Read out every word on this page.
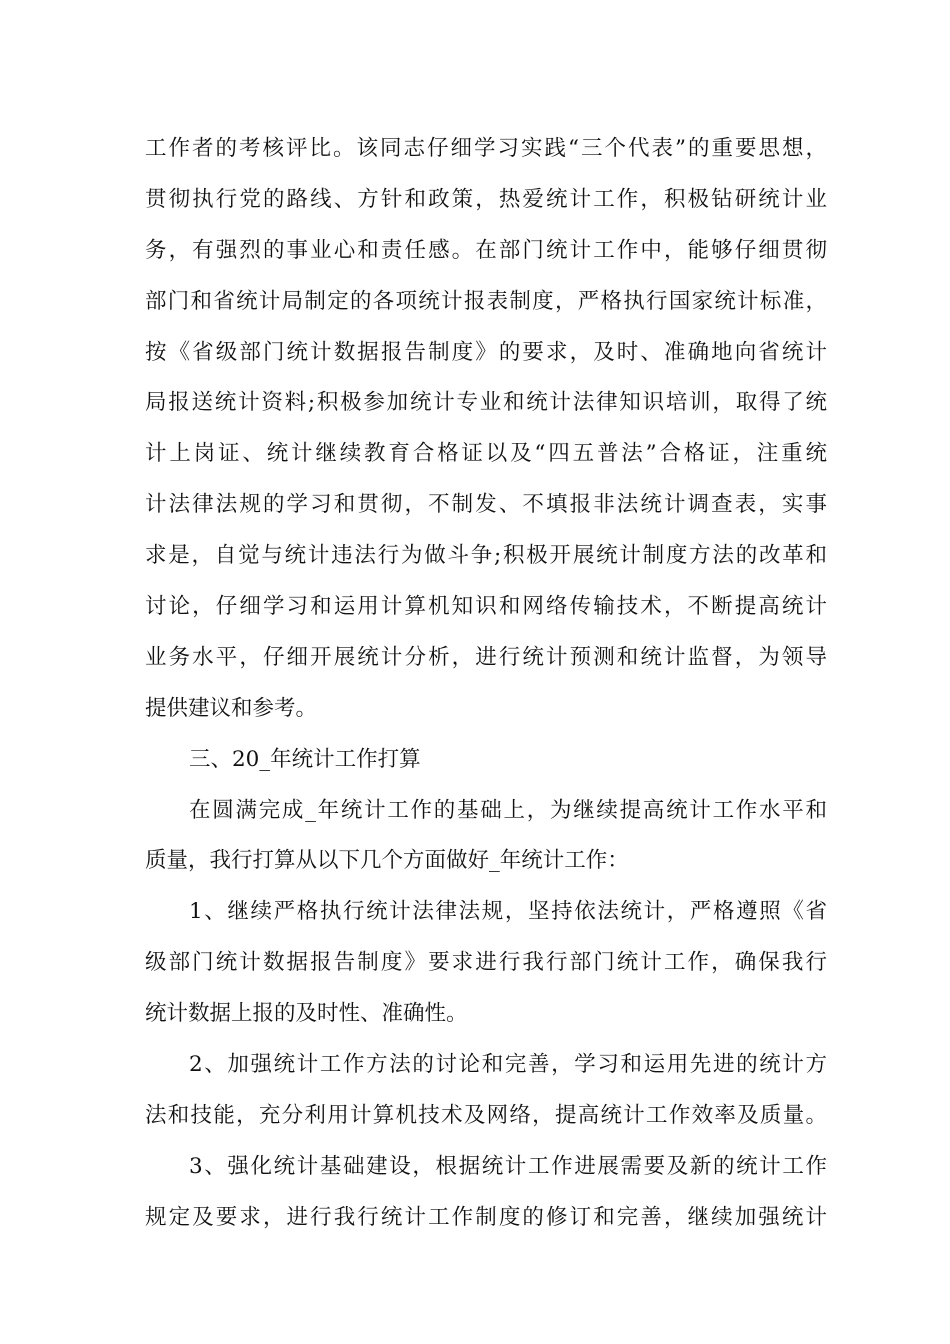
工作者的考核评比。该同志仔细学习实践“三个代表”的重要思想，
贯彻执行党的路线、方针和政策，热爱统计工作，积极钻研统计业
务，有强烈的事业心和责任感。在部门统计工作中，能够仔细贯彻
部门和省统计局制定的各项统计报表制度，严格执行国家统计标准，
按《省级部门统计数据报告制度》的要求，及时、准确地向省统计
局报送统计资料;积极参加统计专业和统计法律知识培训，取得了统
计上岗证、统计继续教育合格证以及“四五普法”合格证，注重统
计法律法规的学习和贯彻，不制发、不填报非法统计调查表，实事
求是，自觉与统计违法行为做斗争;积极开展统计制度方法的改革和
讨论，仔细学习和运用计算机知识和网络传输技术，不断提高统计
业务水平，仔细开展统计分析，进行统计预测和统计监督，为领导
提供建议和参考。
三、20_年统计工作打算
在圆满完成_年统计工作的基础上，为继续提高统计工作水平和
质量，我行打算从以下几个方面做好_年统计工作：
1、继续严格执行统计法律法规，坚持依法统计，严格遵照《省
级部门统计数据报告制度》要求进行我行部门统计工作，确保我行
统计数据上报的及时性、准确性。
2、加强统计工作方法的讨论和完善，学习和运用先进的统计方
法和技能，充分利用计算机技术及网络，提高统计工作效率及质量。
3、强化统计基础建设，根据统计工作进展需要及新的统计工作
规定及要求，进行我行统计工作制度的修订和完善，继续加强统计
